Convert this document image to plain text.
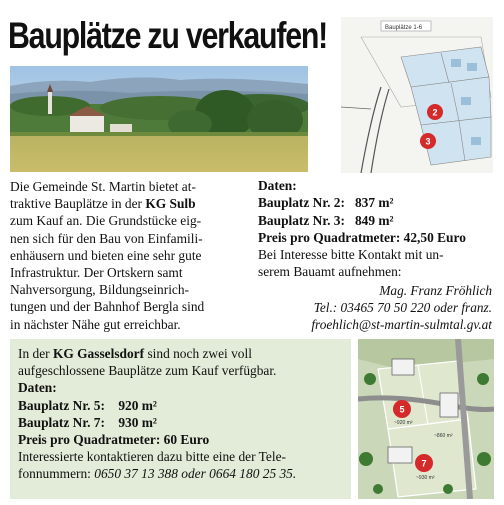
Bauplätze zu verkaufen!	Bauplätze 1-6
2
3
Die Gemeinde St. Martin bietet at-
traktive Bauplätze in der KG Sulb
zum Kauf an. Die Grundstücke eig-
nen sich für den Bau von Einfamili-
enhäusern und bieten eine sehr gute
Infrastruktur. Der Ortskern samt
Nahversorgung, Bildungseinrich-
tungen und der Bahnhof Bergla sind
in nächster Nähe gut erreichbar.
Daten:
Bauplatz Nr. 2: 837 m²
Bauplatz Nr. 3: 849 m²
Preis pro Quadratmeter: 42,50 Euro
Bei Interesse bitte Kontakt mit un-
serem Bauamt aufnehmen:
Mag. Franz Fröhlich
Tel.: 03465 70 50 220 oder franz.
froehlich@st-martin-sulmtal.gv.at
In der KG Gasselsdorf sind noch zwei voll
aufgeschlossene Bauplätze zum Kauf verfügbar.
Daten:
Bauplatz Nr. 5: 920 m²
Bauplatz Nr. 7: 930 m²
Preis pro Quadratmeter: 60 Euro
Interessierte kontaktieren dazu bitte eine der Tele-
fonnummern: 0650 37 13 388 oder 0664 180 25 35.
5
~920 m²
~860 m²
7
~930 m²
